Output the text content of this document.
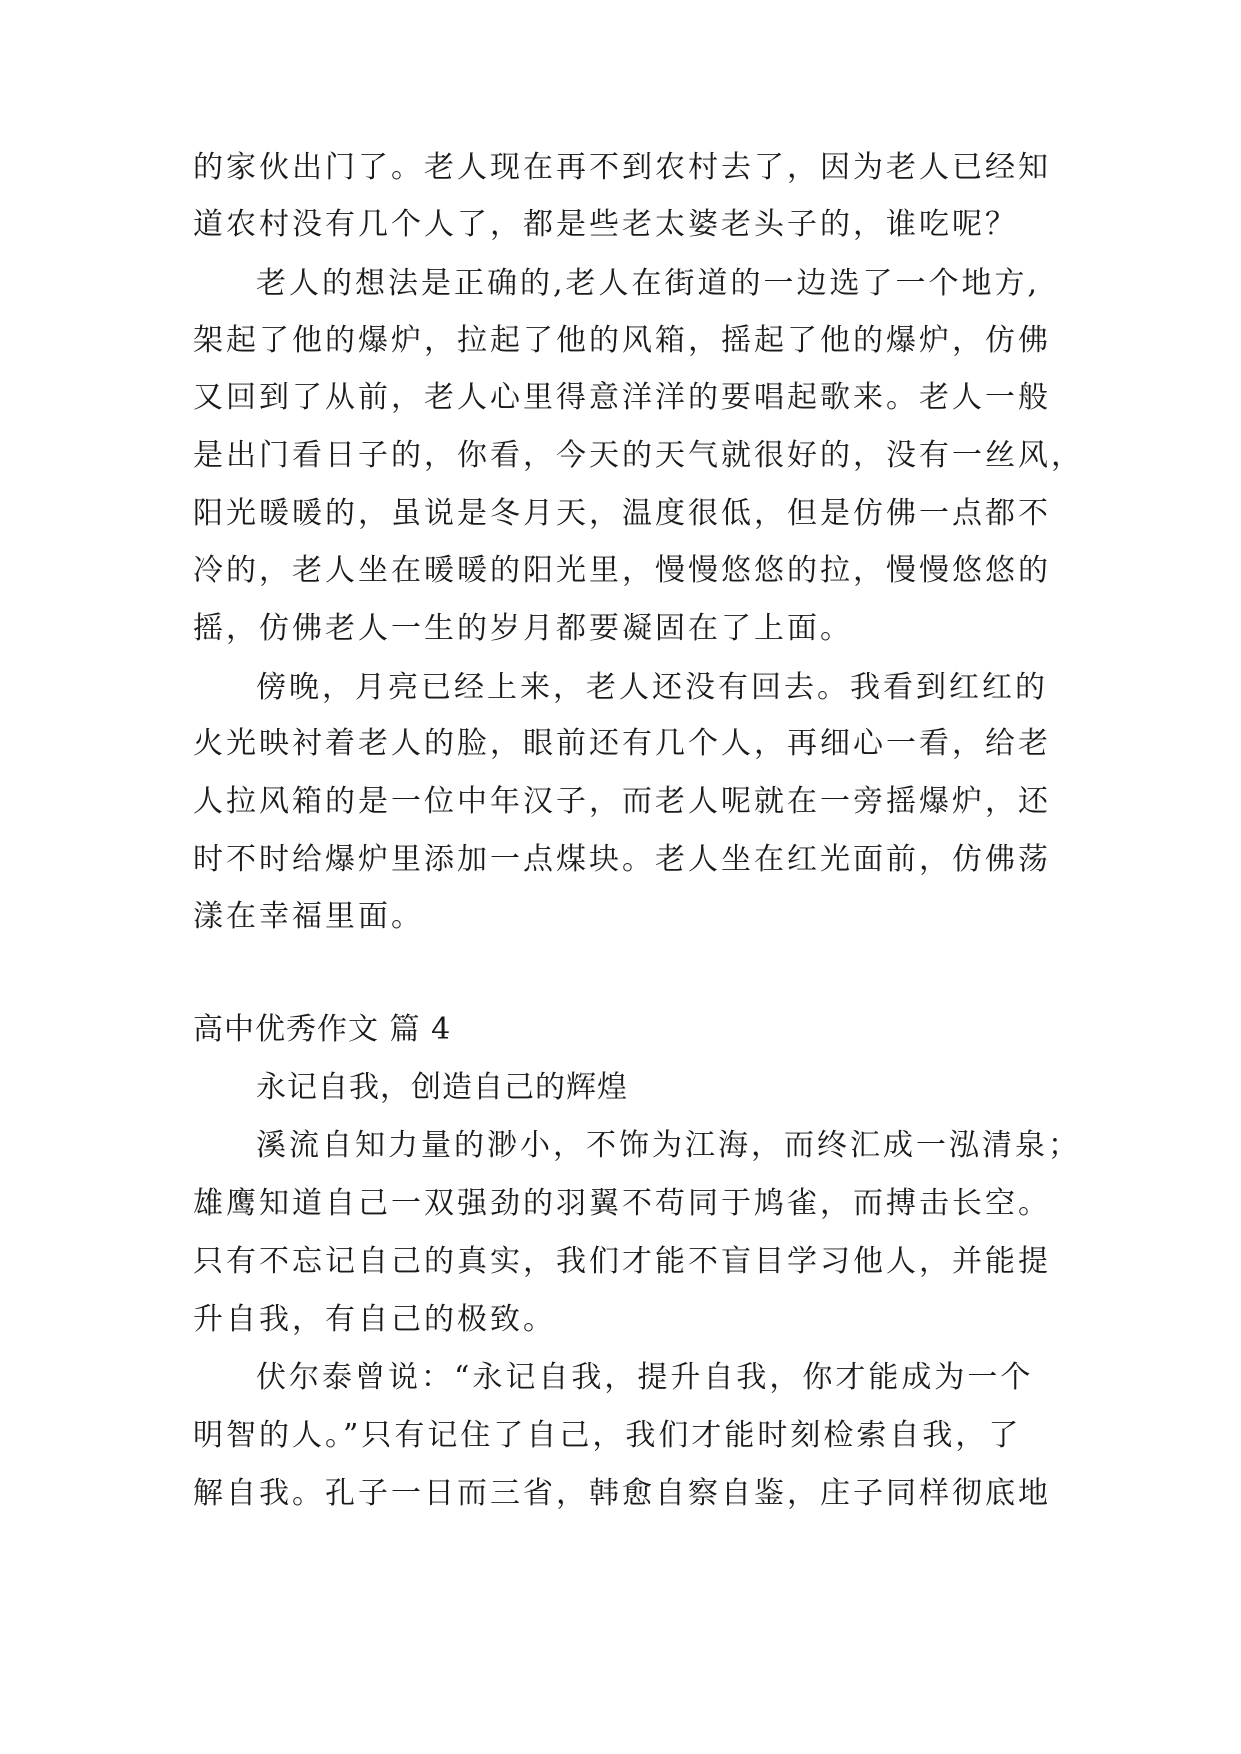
的家伙出门了。老人现在再不到农村去了，因为老人已经知
道农村没有几个人了，都是些老太婆老头子的，谁吃呢？
老人的想法是正确的,老人在街道的一边选了一个地方,
架起了他的爆炉，拉起了他的风箱，摇起了他的爆炉，仿佛
又回到了从前，老人心里得意洋洋的要唱起歌来。老人一般
是出门看日子的，你看，今天的天气就很好的，没有一丝风，
阳光暖暖的，虽说是冬月天，温度很低，但是仿佛一点都不
冷的，老人坐在暖暖的阳光里，慢慢悠悠的拉，慢慢悠悠的
摇，仿佛老人一生的岁月都要凝固在了上面。
傍晚，月亮已经上来，老人还没有回去。我看到红红的
火光映衬着老人的脸，眼前还有几个人，再细心一看，给老
人拉风箱的是一位中年汉子，而老人呢就在一旁摇爆炉，还
时不时给爆炉里添加一点煤块。老人坐在红光面前，仿佛荡
漾在幸福里面。
高中优秀作文 篇 4
永记自我，创造自己的辉煌
溪流自知力量的渺小，不饰为江海，而终汇成一泓清泉；
雄鹰知道自己一双强劲的羽翼不苟同于鸠雀，而搏击长空。
只有不忘记自己的真实，我们才能不盲目学习他人，并能提
升自我，有自己的极致。
伏尔泰曾说：“永记自我，提升自我，你才能成为一个
明智的人。”只有记住了自己，我们才能时刻检索自我，了
解自我。孔子一日而三省，韩愈自察自鉴，庄子同样彻底地
